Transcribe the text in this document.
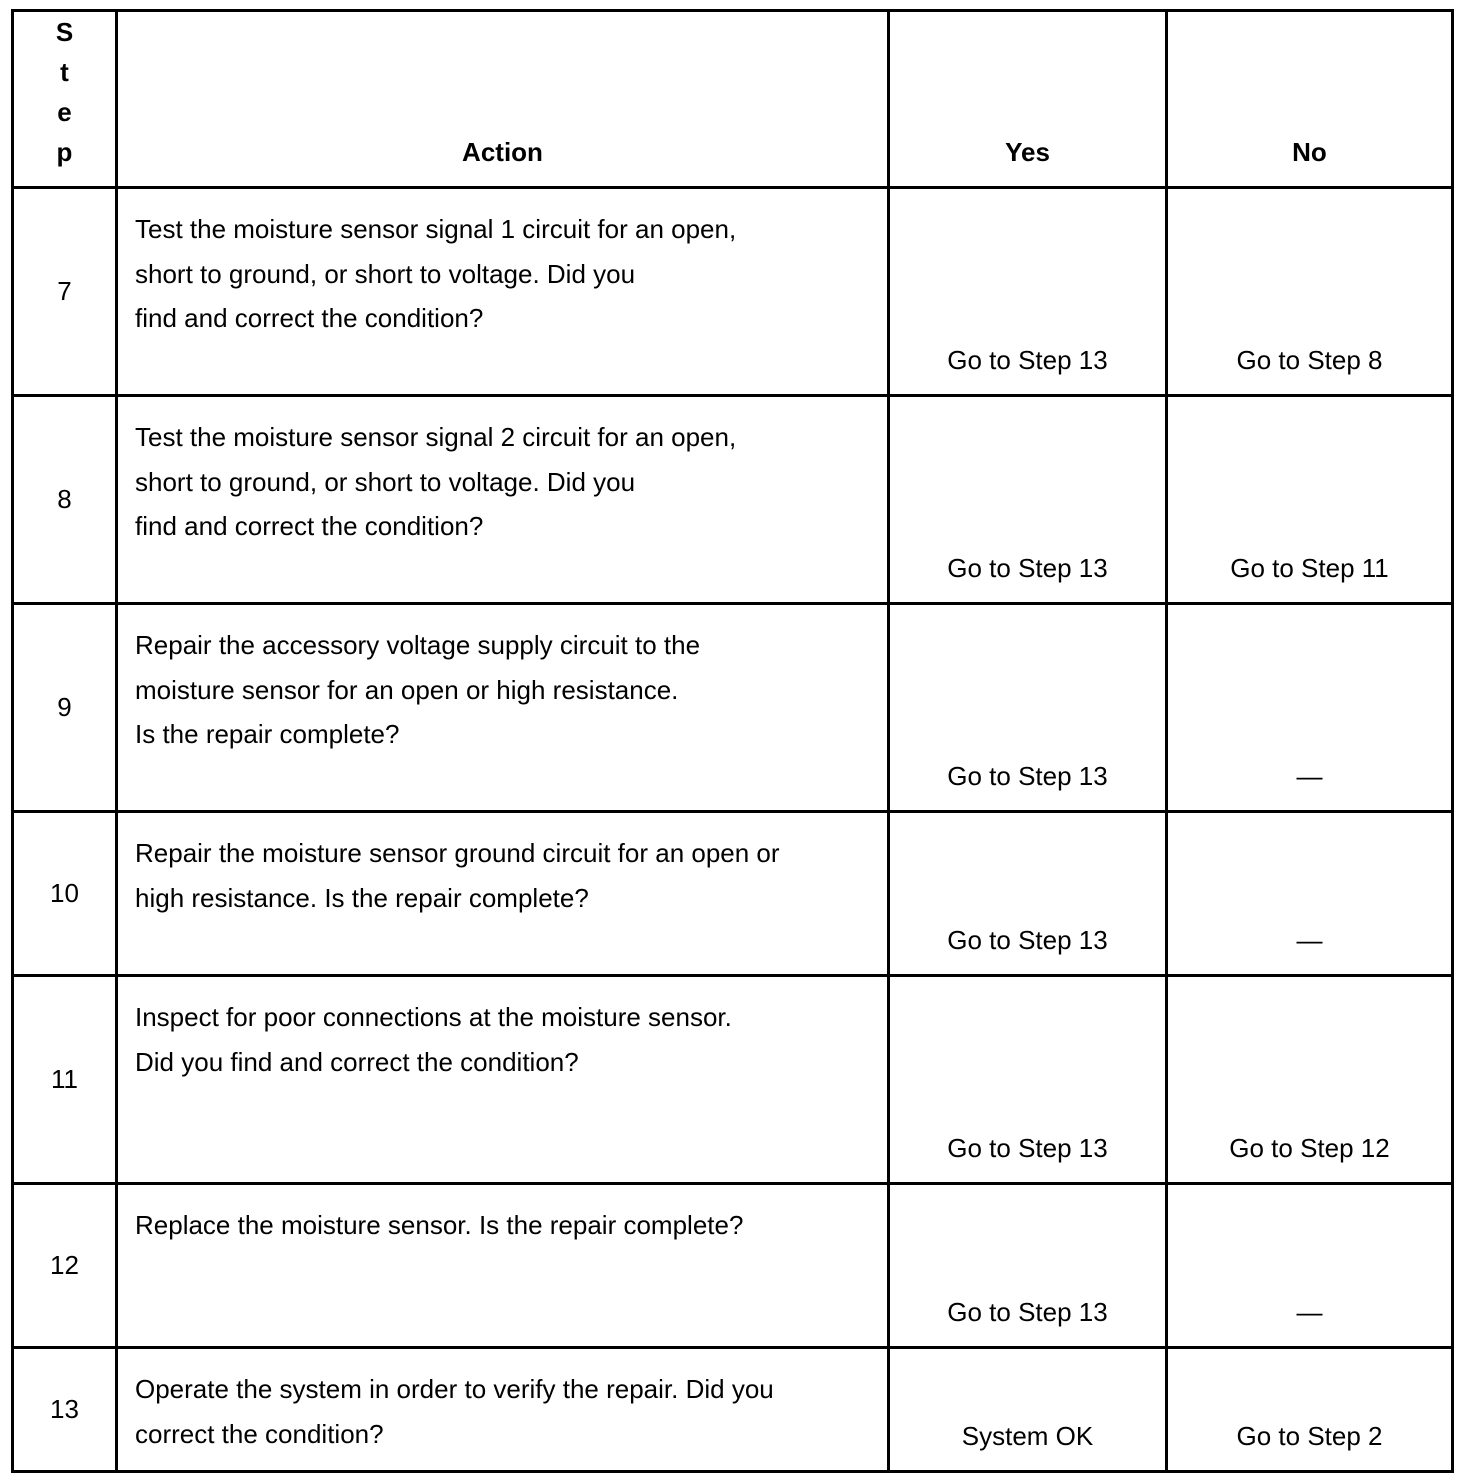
Step	Action	Yes	No
7	Test the moisture sensor signal 1 circuit for an open,
short to ground, or short to voltage. Did you
find and correct the condition?	Go to Step 13	Go to Step 8
8	Test the moisture sensor signal 2 circuit for an open,
short to ground, or short to voltage. Did you
find and correct the condition?	Go to Step 13	Go to Step 11
9	Repair the accessory voltage supply circuit to the
moisture sensor for an open or high resistance.
Is the repair complete?	Go to Step 13	—
10	Repair the moisture sensor ground circuit for an open or
high resistance. Is the repair complete?	Go to Step 13	—
11	Inspect for poor connections at the moisture sensor.
Did you find and correct the condition?	Go to Step 13	Go to Step 12
12	Replace the moisture sensor. Is the repair complete?	Go to Step 13	—
13	Operate the system in order to verify the repair. Did you
correct the condition?	System OK	Go to Step 2
